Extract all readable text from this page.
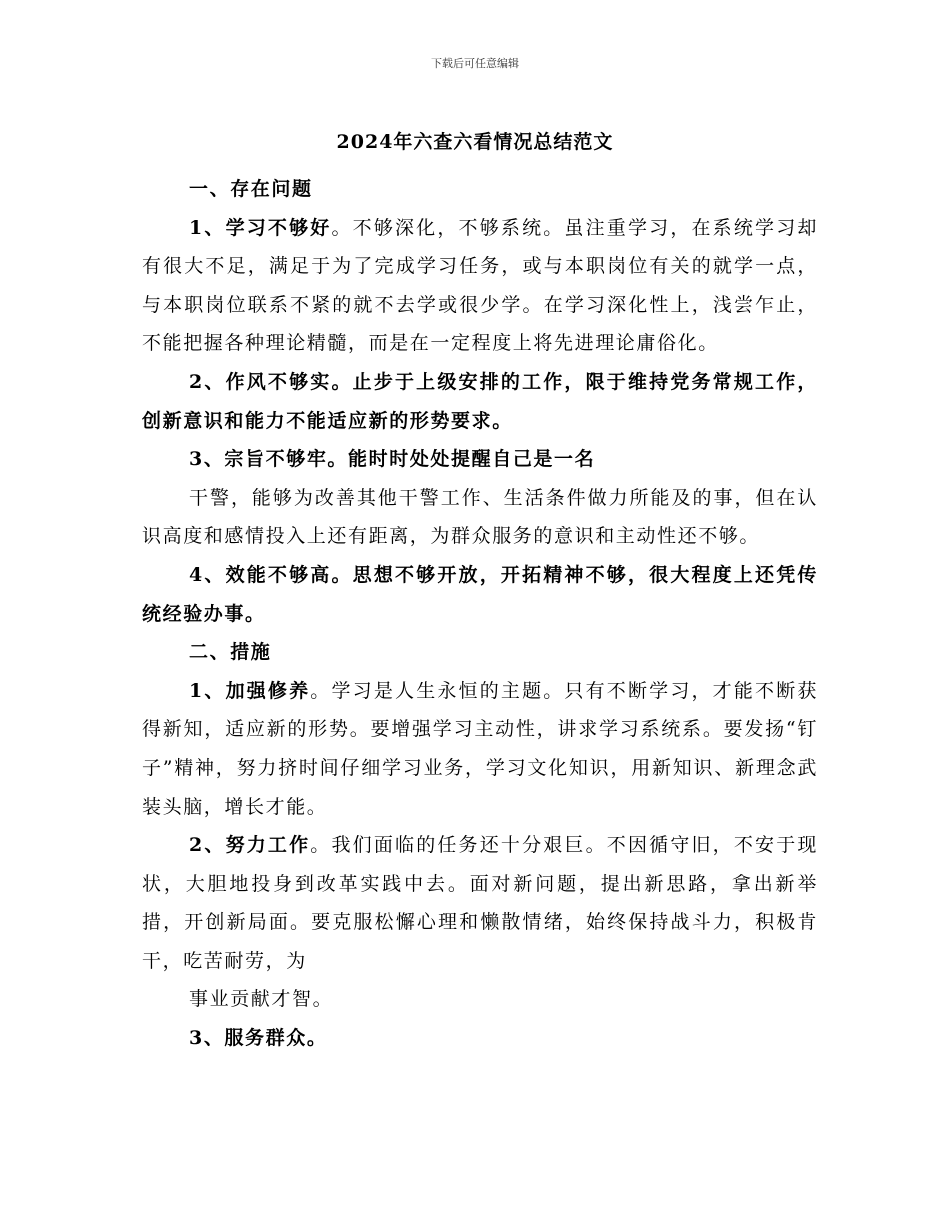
下载后可任意编辑
2024年六查六看情况总结范文

一、存在问题

1、学习不够好。不够深化，不够系统。虽注重学习，在系统学习却有很大不足，满足于为了完成学习任务，或与本职岗位有关的就学一点，与本职岗位联系不紧的就不去学或很少学。在学习深化性上，浅尝乍止，不能把握各种理论精髓，而是在一定程度上将先进理论庸俗化。

2、作风不够实。止步于上级安排的工作，限于维持党务常规工作，创新意识和能力不能适应新的形势要求。

3、宗旨不够牢。能时时处处提醒自己是一名

干警，能够为改善其他干警工作、生活条件做力所能及的事，但在认识高度和感情投入上还有距离，为群众服务的意识和主动性还不够。

4、效能不够高。思想不够开放，开拓精神不够，很大程度上还凭传统经验办事。

二、措施

1、加强修养。学习是人生永恒的主题。只有不断学习，才能不断获得新知，适应新的形势。要增强学习主动性，讲求学习系统系。要发扬“钉子”精神，努力挤时间仔细学习业务，学习文化知识，用新知识、新理念武装头脑，增长才能。

2、努力工作。我们面临的任务还十分艰巨。不因循守旧，不安于现状，大胆地投身到改革实践中去。面对新问题，提出新思路，拿出新举措，开创新局面。要克服松懈心理和懒散情绪，始终保持战斗力，积极肯干，吃苦耐劳，为

事业贡献才智。

3、服务群众。
